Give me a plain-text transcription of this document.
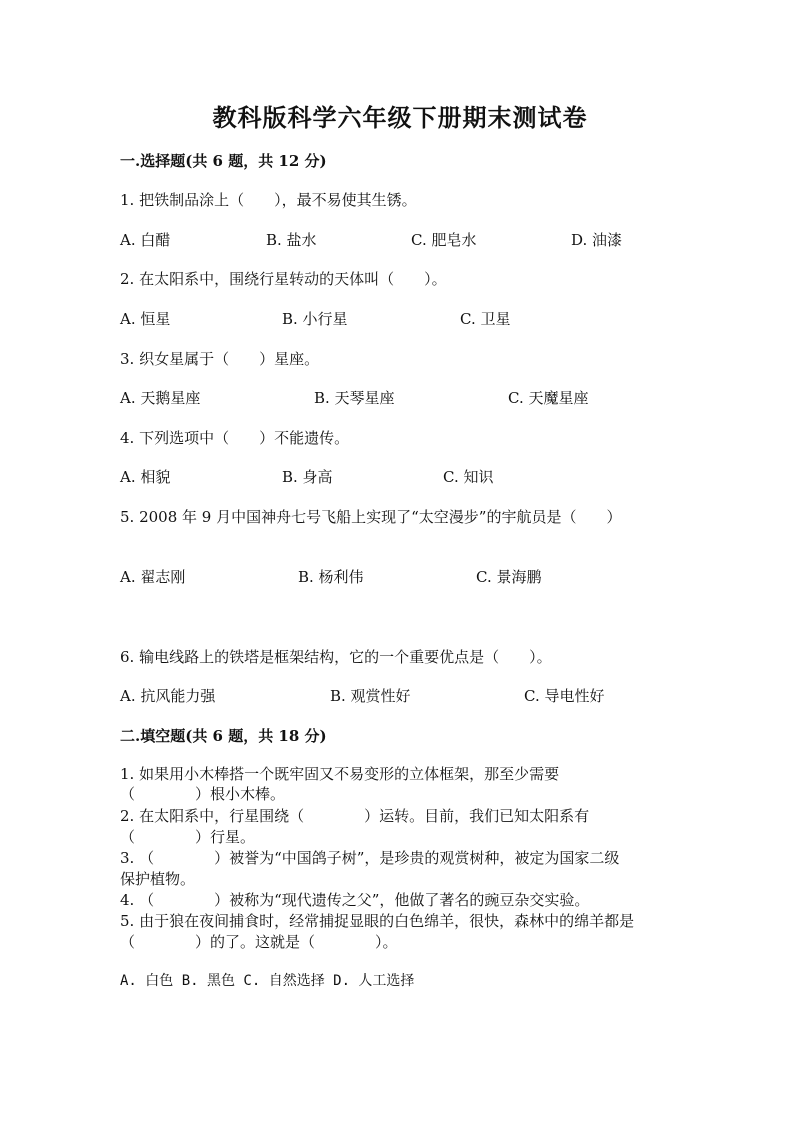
教科版科学六年级下册期末测试卷
一.选择题(共 6 题，共 12 分)
1. 把铁制品涂上（　　），最不易使其生锈。
A. 白醋	B. 盐水	C. 肥皂水	D. 油漆
2. 在太阳系中，围绕行星转动的天体叫（　　）。
A. 恒星	B. 小行星	C. 卫星
3. 织女星属于（　　）星座。
A. 天鹅星座	B. 天琴星座	C. 天魔星座
4. 下列选项中（　　）不能遗传。
A. 相貌	B. 身高	C. 知识
5. 2008 年 9 月中国神舟七号飞船上实现了“太空漫步”的宇航员是（　　）
A. 翟志刚	B. 杨利伟	C. 景海鹏
6. 输电线路上的铁塔是框架结构，它的一个重要优点是（　　）。
A. 抗风能力强	B. 观赏性好	C. 导电性好
二.填空题(共 6 题，共 18 分)
1. 如果用小木棒搭一个既牢固又不易变形的立体框架，那至少需要
（　　　　）根小木棒。
2. 在太阳系中，行星围绕（　　　　）运转。目前，我们已知太阳系有
（　　　　）行星。
3. （　　　　）被誉为“中国鸽子树”，是珍贵的观赏树种，被定为国家二级
保护植物。
4. （　　　　）被称为“现代遗传之父”，他做了著名的豌豆杂交实验。
5. 由于狼在夜间捕食时，经常捕捉显眼的白色绵羊，很快，森林中的绵羊都是
（　　　　）的了。这就是（　　　　）。
A. 白色 B. 黑色 C. 自然选择 D. 人工选择
